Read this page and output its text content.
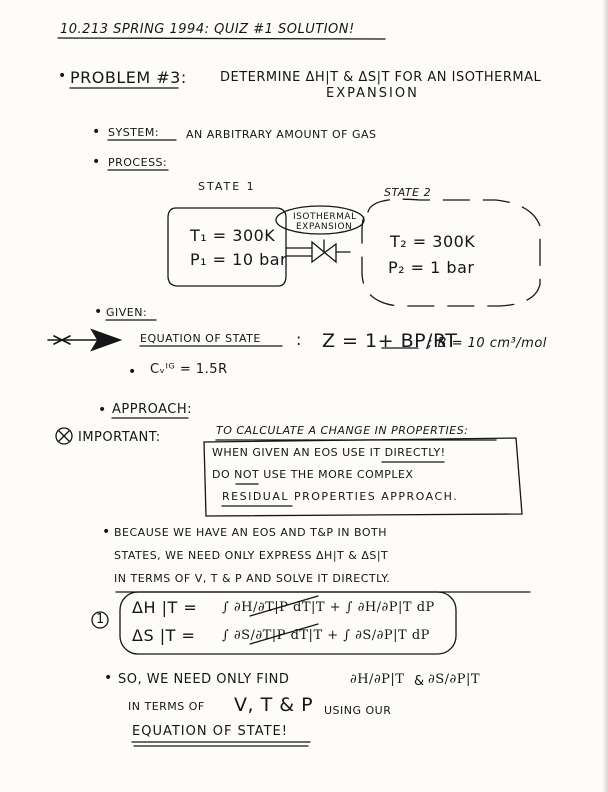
10.213 SPRING 1994: QUIZ #1 SOLUTION!
• PROBLEM #3:	DETERMINE ΔH|T & ΔS|T FOR AN ISOTHERMAL
EXPANSION
• SYSTEM: AN ARBITRARY AMOUNT OF GAS
• PROCESS:
STATE 1
T₁ = 300K
P₁ = 10 bar
ISOTHERMAL
EXPANSION
STATE 2
T₂ = 300K
P₂ = 1 bar
• GIVEN:
EQUATION OF STATE : Z = 1+ BP/RT
; B = 10 cm³/mol
• Cᵥᴵᴳ = 1.5R
• APPROACH:
IMPORTANT:	TO CALCULATE A CHANGE IN PROPERTIES:
WHEN GIVEN AN EOS USE IT DIRECTLY!
DO NOT USE THE MORE COMPLEX
RESIDUAL PROPERTIES APPROACH.
• BECAUSE WE HAVE AN EOS AND T&P IN BOTH
STATES, WE NEED ONLY EXPRESS ΔH|T & ΔS|T
IN TERMS OF V, T & P AND SOLVE IT DIRECTLY.
1
ΔH |T = ∫ ∂H/∂T|P dT|T + ∫ ∂H/∂P|T dP
ΔS |T = ∫ ∂S/∂T|P dT|T + ∫ ∂S/∂P|T dP
• SO, WE NEED ONLY FIND	∂H/∂P|T & ∂S/∂P|T
IN TERMS OF V, T & P USING OUR
EQUATION OF STATE!
